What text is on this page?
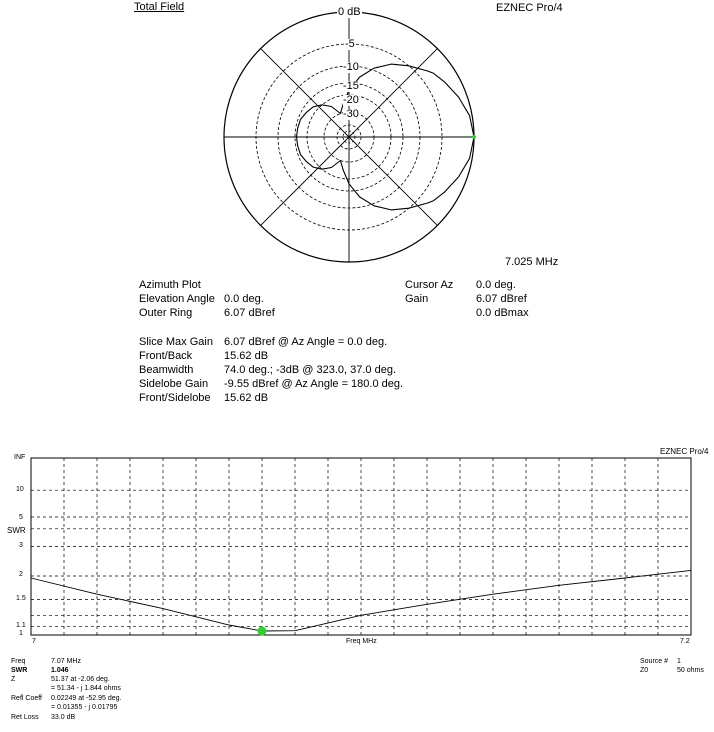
Total Field	EZNEC Pro/4
0 dB
-5
-10
-15
-20
-30
7.025 MHz
Azimuth Plot
Elevation Angle 0.0 deg.
Outer Ring	6.07 dBref
Cursor Az 0.0 deg.
Gain	6.07 dBref
0.0 dBmax
Slice Max Gain 6.07 dBref @ Az Angle = 0.0 deg.
Front/Back	15.62 dB
Beamwidth	74.0 deg.; -3dB @ 323.0, 37.0 deg.
Sidelobe Gain -9.55 dBref @ Az Angle = 180.0 deg.
Front/Sidelobe 15.62 dB
EZNEC Pro/4
SWR
INF
10
5
3
2
1.5
1.1
1
7	Freq MHz	7.2
Freq	7.07 MHz
SWR	1.046
Z	51.37 at -2.06 deg.
= 51.34 - j 1.844 ohms
Refl Coeff 0.02249 at -52.95 deg.
= 0.01355 - j 0.01795
Ret Loss 33.0 dB
Source # 1
Z0	50 ohms
